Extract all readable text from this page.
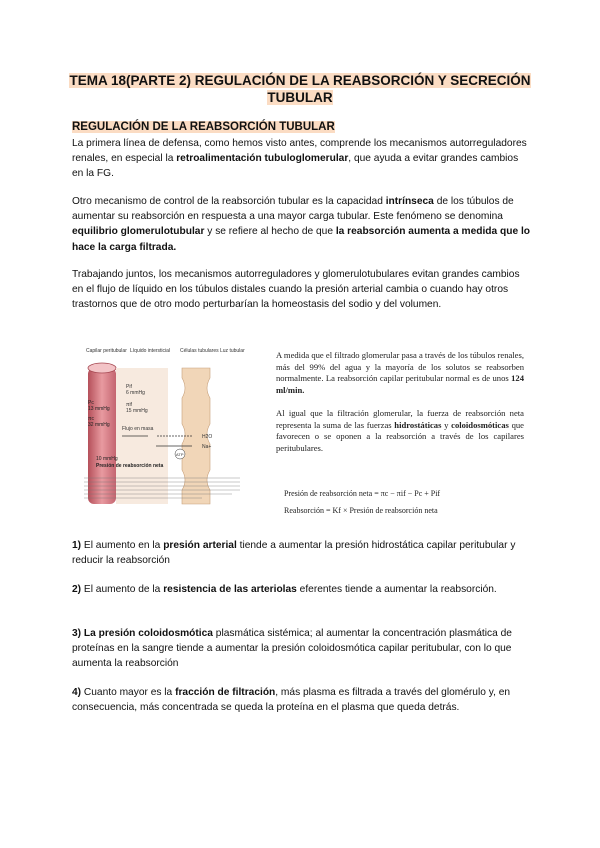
TEMA 18(PARTE 2) REGULACIÓN DE LA REABSORCIÓN Y SECRECIÓN TUBULAR
REGULACIÓN DE LA REABSORCIÓN TUBULAR
La primera línea de defensa, como hemos visto antes, comprende los mecanismos autorreguladores renales, en especial la retroalimentación tubuloglomerular, que ayuda a evitar grandes cambios en la FG.
Otro mecanismo de control de la reabsorción tubular es la capacidad intrínseca de los túbulos de aumentar su reabsorción en respuesta a una mayor carga tubular. Este fenómeno se denomina equilibrio glomerulotubular y se refiere al hecho de que la reabsorción aumenta a medida que lo hace la carga filtrada.
Trabajando juntos, los mecanismos autorreguladores y glomerulotubulares evitan grandes cambios en el flujo de líquido en los túbulos distales cuando la presión arterial cambia o cuando hay otros trastornos que de otro modo perturbarían la homeostasis del sodio y del volumen.
Capilar peritubular Líquido intersticial Células tubulares Luz tubular
Pif
6 mmHg
Pc
13 mmHg
πif
15 mmHg
πc
32 mmHg
Flujo en masa
H2O
Na+
ATP
10 mmHg
Presión de reabsorción neta
A medida que el filtrado glomerular pasa a través de los túbulos renales, más del 99% del agua y la mayoría de los solutos se reabsorben normalmente. La reabsorción capilar peritubular normal es de unos 124 ml/min.
Al igual que la filtración glomerular, la fuerza de reabsorción neta representa la suma de las fuerzas hidrostáticas y coloidosmóticas que favorecen o se oponen a la reabsorción a través de los capilares peritubulares.
Presión de reabsorción neta = πc − πif − Pc + Pif
Reabsorción = Kf × Presión de reabsorción neta
1) El aumento en la presión arterial tiende a aumentar la presión hidrostática capilar peritubular y reducir la reabsorción
2) El aumento de la resistencia de las arteriolas eferentes tiende a aumentar la reabsorción.
3) La presión coloidosmótica plasmática sistémica; al aumentar la concentración plasmática de proteínas en la sangre tiende a aumentar la presión coloidosmótica capilar peritubular, con lo que aumenta la reabsorción
4) Cuanto mayor es la fracción de filtración, más plasma es filtrada a través del glomérulo y, en consecuencia, más concentrada se queda la proteína en el plasma que queda detrás.
